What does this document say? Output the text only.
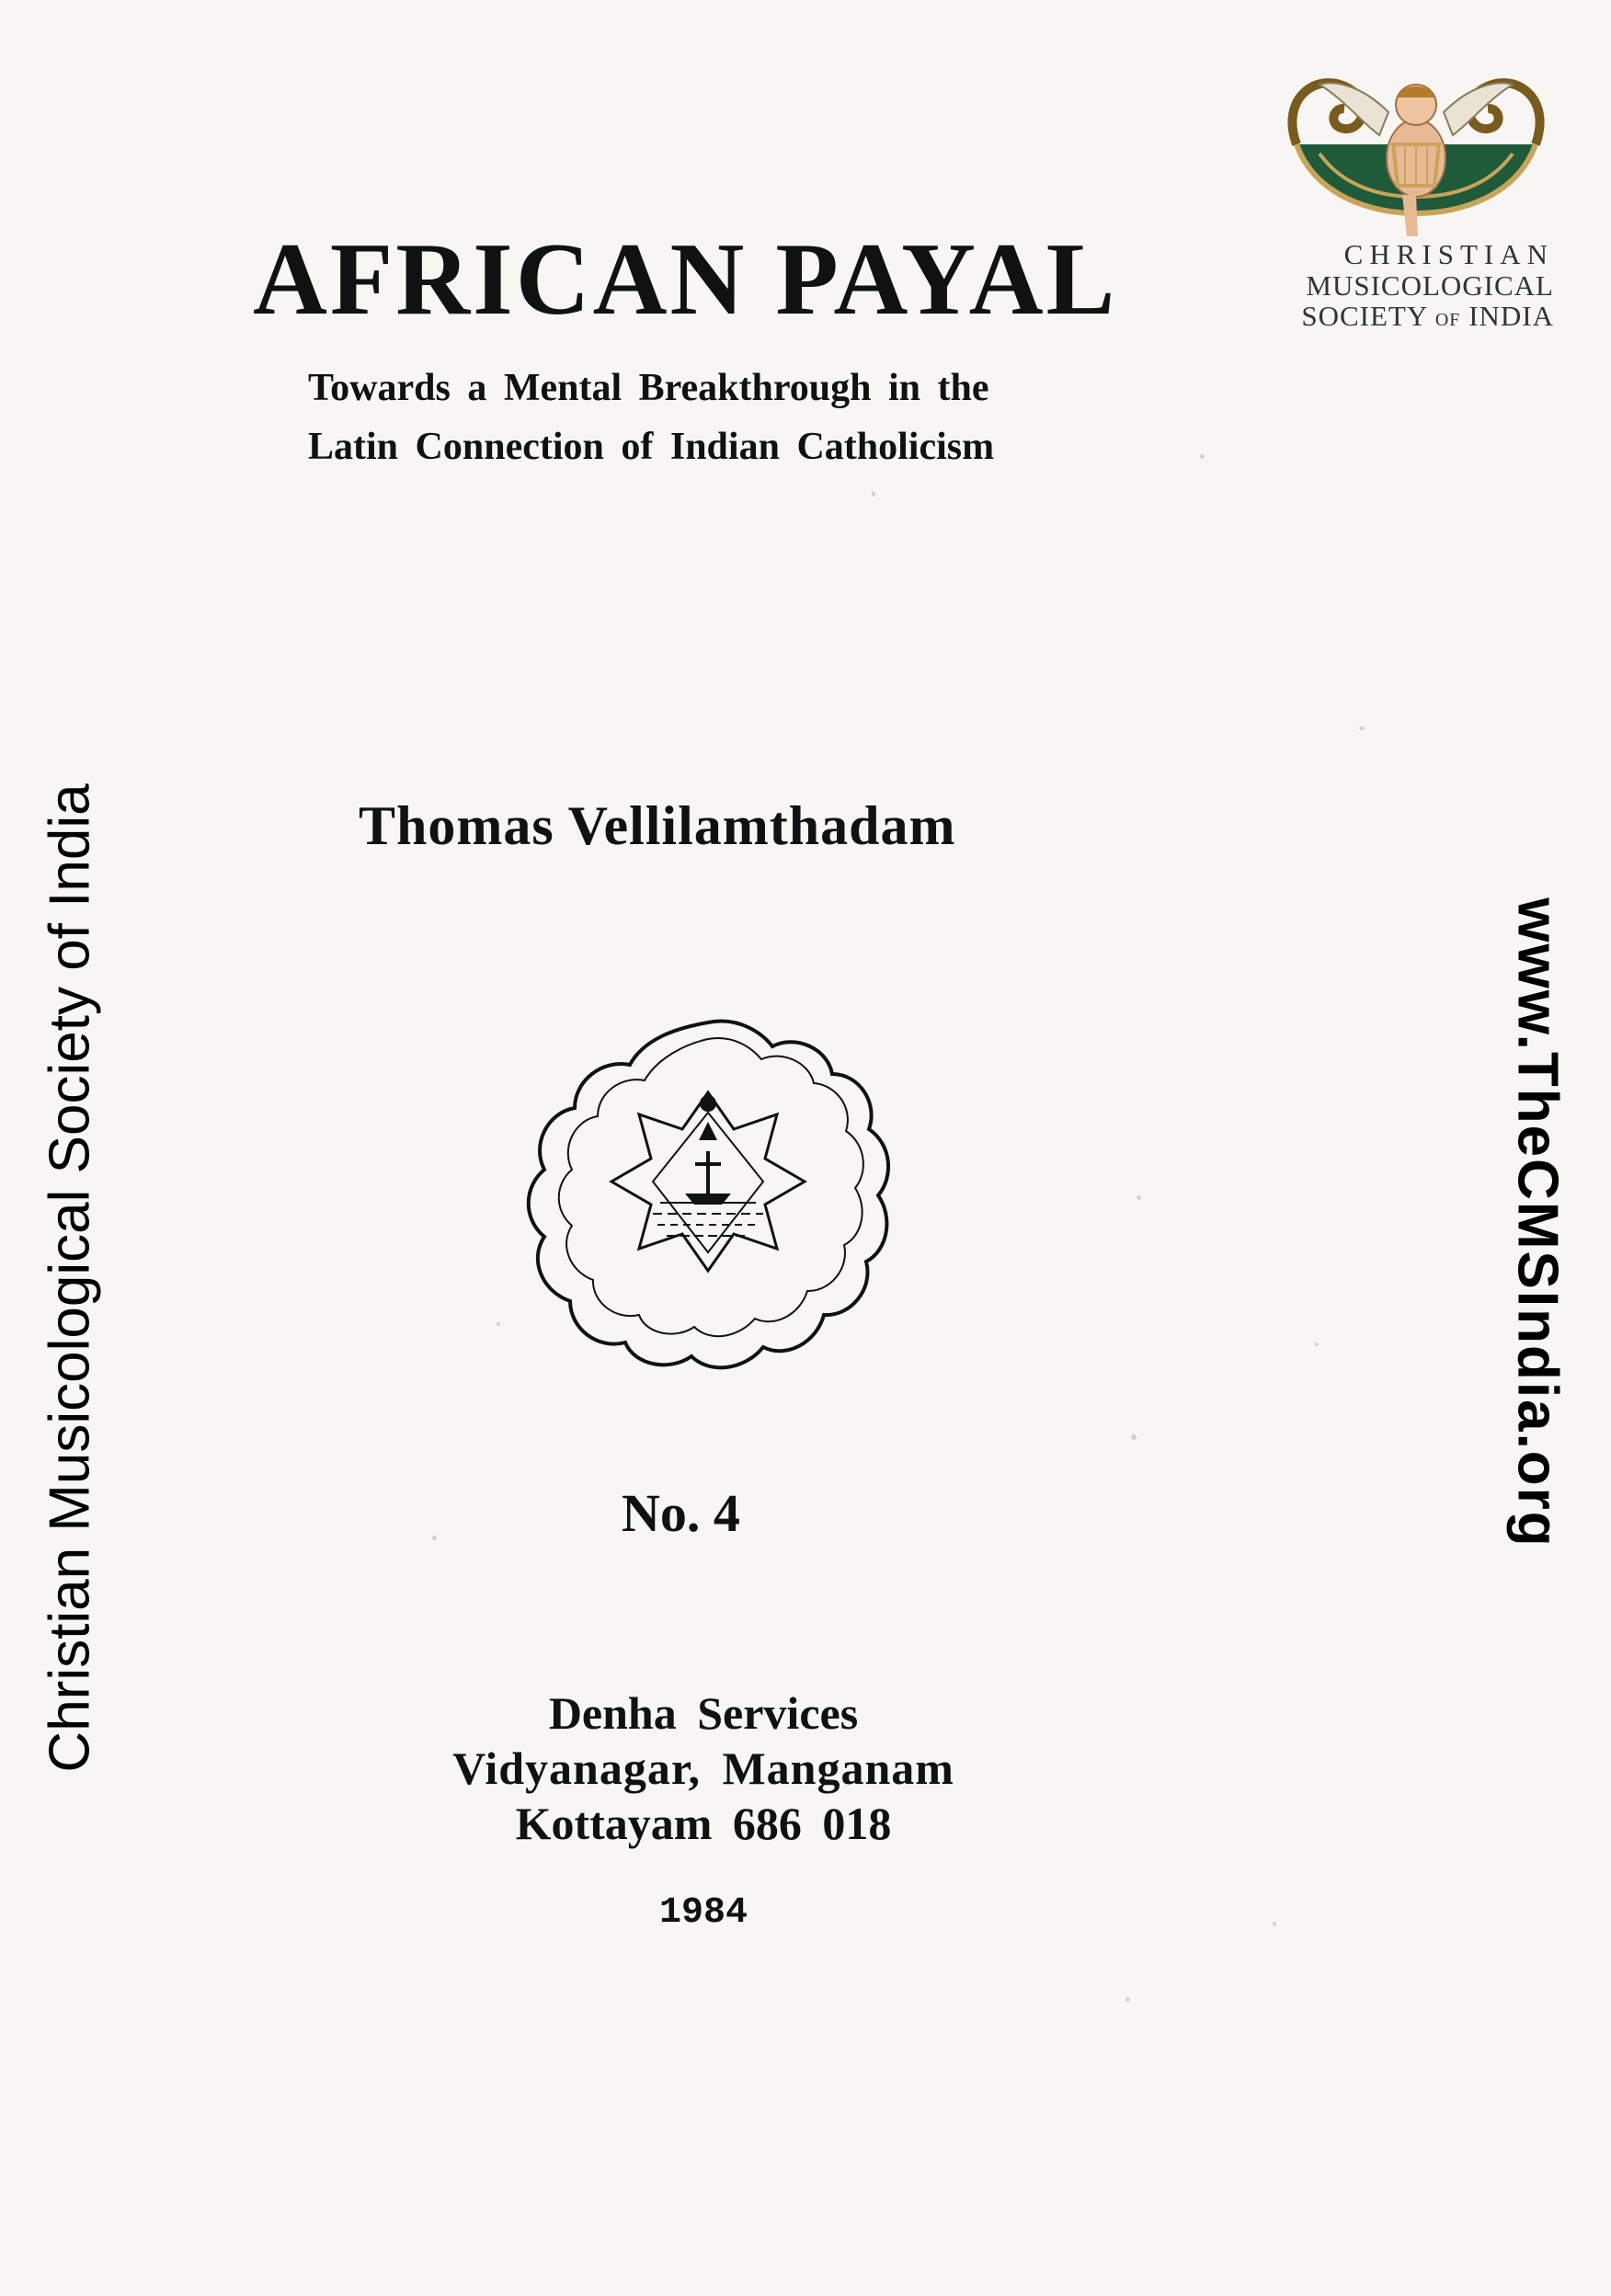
AFRICAN PAYAL
Towards a Mental Breakthrough in the
Latin Connection of Indian Catholicism
Thomas Vellilamthadam
No. 4
Denha Services
Vidyanagar, Manganam
Kottayam 686 018
1984
CHRISTIAN
MUSICOLOGICAL
SOCIETY OF INDIA
Christian Musicological Society of India	www.TheCMSIndia.org
